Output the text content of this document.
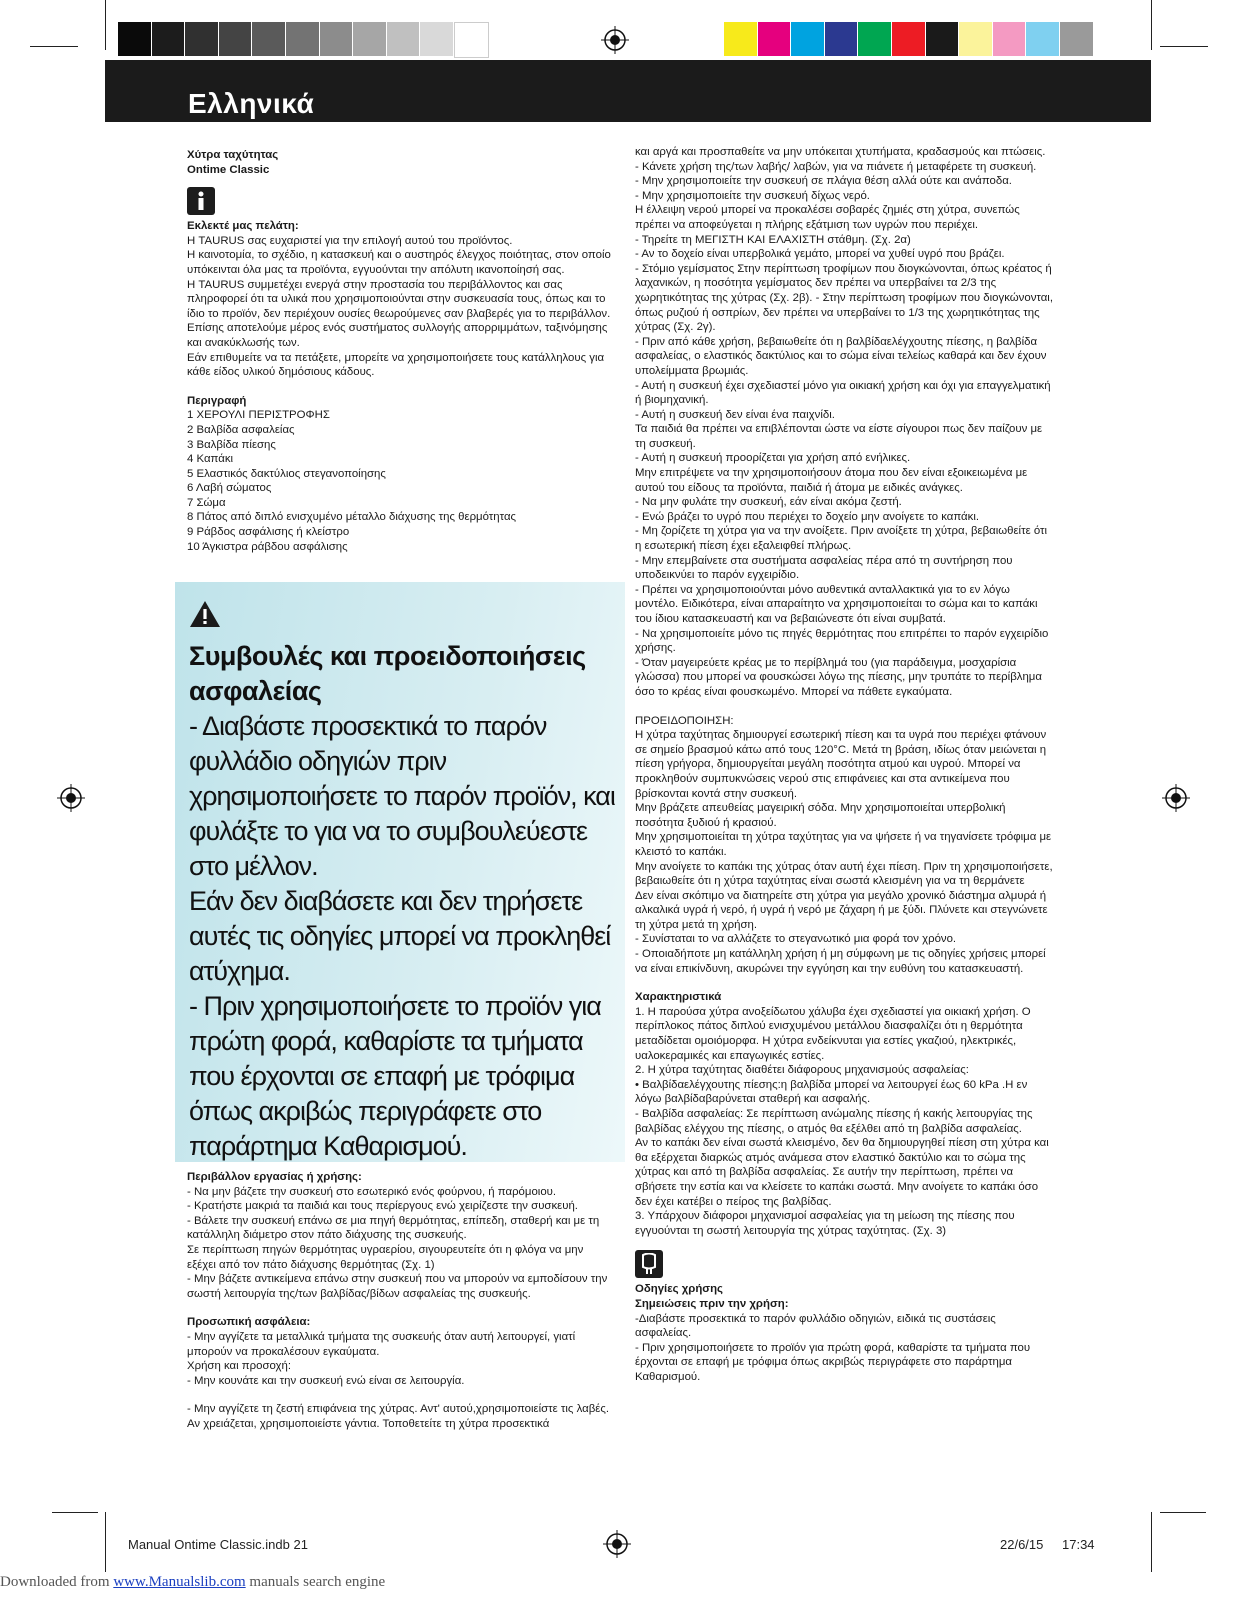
Ελληνικά

Χύτρα ταχύτητας

Ontime Classic

Εκλεκτέ μας πελάτη:

Η TAURUS σας ευχαριστεί για την επιλογή αυτού του προϊόντος.

Η καινοτομία, το σχέδιο, η κατασκευή και ο αυστηρός έλεγχος ποιότητας, στον οποίο υπόκεινται όλα μας τα προϊόντα, εγγυούνται την απόλυτη ικανοποίησή σας.

Η TAURUS συμμετέχει ενεργά στην προστασία του περιβάλλοντος και σας πληροφορεί ότι τα υλικά που χρησιμοποιούνται στην συσκευασία τους, όπως και το ίδιο το προϊόν, δεν περιέχουν ουσίες θεωρούμενες σαν βλαβερές για το περιβάλλον. Επίσης αποτελούμε μέρος ενός συστήματος συλλογής απορριμμάτων, ταξινόμησης και ανακύκλωσής των.

Εάν επιθυμείτε να τα πετάξετε, μπορείτε να χρησιμοποιήσετε τους κατάλληλους για κάθε είδος υλικού δημόσιους κάδους.

Περιγραφή

1 ΧΕΡΟΥΛΙ ΠΕΡΙΣΤΡΟΦΗΣ

2 Βαλβίδα ασφαλείας

3 Βαλβίδα πίεσης

4 Καπάκι

5 Ελαστικός δακτύλιος στεγανοποίησης

6 Λαβή σώματος

7 Σώμα

8 Πάτος από διπλό ενισχυμένο μέταλλο διάχυσης της θερμότητας

9 Ράβδος ασφάλισης ή κλείστρο

10 Άγκιστρα ράβδου ασφάλισης

Συμβουλές και προειδοποιήσεις ασφαλείας
- Διαβάστε προσεκτικά το παρόν φυλλάδιο οδηγιών πριν χρησιμοποιήσετε το παρόν προϊόν, και φυλάξτε το για να το συμβουλεύεστε στο μέλλον.
Εάν δεν διαβάσετε και δεν τηρήσετε αυτές τις οδηγίες μπορεί να προκληθεί ατύχημα.
- Πριν χρησιμοποιήσετε το προϊόν για πρώτη φορά, καθαρίστε τα τμήματα που έρχονται σε επαφή με τρόφιμα όπως ακριβώς περιγράφετε στο παράρτημα Καθαρισμού.

Περιβάλλον εργασίας ή χρήσης:

- Να μην βάζετε την συσκευή στο εσωτερικό ενός φούρνου, ή παρόμοιου.

- Κρατήστε μακριά τα παιδιά και τους περίεργους ενώ χειρίζεστε την συσκευή.

- Βάλετε την συσκευή επάνω σε μια πηγή θερμότητας, επίπεδη, σταθερή και με τη κατάλληλη διάμετρο στον πάτο διάχυσης της συσκευής.

Σε περίπτωση πηγών θερμότητας υγραερίου, σιγουρευτείτε ότι η φλόγα να μην εξέχει από τον πάτο διάχυσης θερμότητας (Σχ. 1)

- Μην βάζετε αντικείμενα επάνω στην συσκευή που να μπορούν να εμποδίσουν την σωστή λειτουργία της/των βαλβίδας/βίδων ασφαλείας της συσκευής.

Προσωπική ασφάλεια:

- Μην αγγίζετε τα μεταλλικά τμήματα της συσκευής όταν αυτή λειτουργεί, γιατί μπορούν να προκαλέσουν εγκαύματα.

Χρήση και προσοχή:

- Μην κουνάτε και την συσκευή ενώ είναι σε λειτουργία.

- Μην αγγίζετε τη ζεστή επιφάνεια της χύτρας. Αντ' αυτού,χρησιμοποιείστε τις λαβές. Αν χρειάζεται, χρησιμοποιείστε γάντια. Τοποθετείτε τη χύτρα προσεκτικά

και αργά και προσπαθείτε να μην υπόκειται χτυπήματα, κραδασμούς και πτώσεις.

- Κάνετε χρήση της/των λαβής/ λαβών, για να πιάνετε ή μεταφέρετε τη συσκευή.

- Μην χρησιμοποιείτε την συσκευή σε πλάγια θέση αλλά ούτε και ανάποδα.

- Μην χρησιμοποιείτε την συσκευή δίχως νερό.

Η έλλειψη νερού μπορεί να προκαλέσει σοβαρές ζημιές στη χύτρα, συνεπώς πρέπει να αποφεύγεται η πλήρης εξάτμιση των υγρών που περιέχει.

- Τηρείτε τη ΜΕΓΙΣΤΗ ΚΑΙ ΕΛΑΧΙΣΤΗ στάθμη. (Σχ. 2α)

- Αν το δοχείο είναι υπερβολικά γεμάτο, μπορεί να χυθεί υγρό που βράζει.

- Στόμιο γεμίσματος Στην περίπτωση τροφίμων που διογκώνονται, όπως κρέατος ή λαχανικών, η ποσότητα γεμίσματος δεν πρέπει να υπερβαίνει τα 2/3 της χωρητικότητας της χύτρας (Σχ. 2β). - Στην περίπτωση τροφίμων που διογκώνονται, όπως ρυζιού ή οσπρίων, δεν πρέπει να υπερβαίνει το 1/3 της χωρητικότητας της χύτρας (Σχ. 2γ).

- Πριν από κάθε χρήση, βεβαιωθείτε ότι η βαλβίδαελέγχουτης πίεσης, η βαλβίδα ασφαλείας, ο ελαστικός δακτύλιος και το σώμα είναι τελείως καθαρά και δεν έχουν υπολείμματα βρωμιάς.

- Αυτή η συσκευή έχει σχεδιαστεί μόνο για οικιακή χρήση και όχι για επαγγελματική ή βιομηχανική.

- Αυτή η συσκευή δεν είναι ένα παιχνίδι.

Τα παιδιά θα πρέπει να επιβλέπονται ώστε να είστε σίγουροι πως δεν παίζουν με τη συσκευή.

- Αυτή η συσκευή προορίζεται για χρήση από ενήλικες.

Μην επιτρέψετε να την χρησιμοποιήσουν άτομα που δεν είναι εξοικειωμένα με αυτού του είδους τα προϊόντα, παιδιά ή άτομα με ειδικές ανάγκες.

- Να μην φυλάτε την συσκευή, εάν είναι ακόμα ζεστή.

- Ενώ βράζει το υγρό που περιέχει το δοχείο μην ανοίγετε το καπάκι.

- Μη ζορίζετε τη χύτρα για να την ανοίξετε. Πριν ανοίξετε τη χύτρα, βεβαιωθείτε ότι η εσωτερική πίεση έχει εξαλειφθεί πλήρως.

- Μην επεμβαίνετε στα συστήματα ασφαλείας πέρα από τη συντήρηση που υποδεικνύει το παρόν εγχειρίδιο.

- Πρέπει να χρησιμοποιούνται μόνο αυθεντικά ανταλλακτικά για το εν λόγω μοντέλο. Ειδικότερα, είναι απαραίτητο να χρησιμοποιείται το σώμα και το καπάκι του ίδιου κατασκευαστή και να βεβαιώνεστε ότι είναι συμβατά.

- Να χρησιμοποιείτε μόνο τις πηγές θερμότητας που επιτρέπει το παρόν εγχειρίδιο χρήσης.

- Όταν μαγειρεύετε κρέας με το περίβλημά του (για παράδειγμα, μοσχαρίσια γλώσσα) που μπορεί να φουσκώσει λόγω της πίεσης, μην τρυπάτε το περίβλημα όσο το κρέας είναι φουσκωμένο. Μπορεί να πάθετε εγκαύματα.

ΠΡΟΕΙΔΟΠΟΙΗΣΗ:

Η χύτρα ταχύτητας δημιουργεί εσωτερική πίεση και τα υγρά που περιέχει φτάνουν σε σημείο βρασμού κάτω από τους 120°C. Μετά τη βράση, ιδίως όταν μειώνεται η πίεση γρήγορα, δημιουργείται μεγάλη ποσότητα ατμού και υγρού. Μπορεί να προκληθούν συμπυκνώσεις νερού στις επιφάνειες και στα αντικείμενα που βρίσκονται κοντά στην συσκευή.

Μην βράζετε απευθείας μαγειρική σόδα. Μην χρησιμοποιείται υπερβολική ποσότητα ξυδιού ή κρασιού.

Μην χρησιμοποιείται τη χύτρα ταχύτητας για να ψήσετε ή να τηγανίσετε τρόφιμα με κλειστό το καπάκι.

Μην ανοίγετε το καπάκι της χύτρας όταν αυτή έχει πίεση. Πριν τη χρησιμοποιήσετε, βεβαιωθείτε ότι η χύτρα ταχύτητας είναι σωστά κλεισμένη για να τη θερμάνετε

Δεν είναι σκόπιμο να διατηρείτε στη χύτρα για μεγάλο χρονικό διάστημα αλμυρά ή αλκαλικά υγρά ή νερό, ή υγρά ή νερό με ζάχαρη ή με ξύδι. Πλύνετε και στεγνώνετε τη χύτρα μετά τη χρήση.

- Συνίσταται το να αλλάζετε το στεγανωτικό μια φορά τον χρόνο.

- Οποιαδήποτε μη κατάλληλη χρήση ή μη σύμφωνη με τις οδηγίες χρήσεις μπορεί να είναι επικίνδυνη, ακυρώνει την εγγύηση και την ευθύνη του κατασκευαστή.

Χαρακτηριστικά

1. Η παρούσα χύτρα ανοξείδωτου χάλυβα έχει σχεδιαστεί για οικιακή χρήση. Ο περίπλοκος πάτος διπλού ενισχυμένου μετάλλου διασφαλίζει ότι η θερμότητα μεταδίδεται ομοιόμορφα. Η χύτρα ενδείκνυται για εστίες γκαζιού, ηλεκτρικές, υαλοκεραμικές και επαγωγικές εστίες.

2. Η χύτρα ταχύτητας διαθέτει διάφορους μηχανισμούς ασφαλείας:

• Βαλβίδαελέγχουτης πίεσης:η βαλβίδα μπορεί να λειτουργεί έως 60 kPa .Η εν λόγω βαλβίδαβαρύνεται σταθερή και ασφαλής.

- Βαλβίδα ασφαλείας: Σε περίπτωση ανώμαλης πίεσης ή κακής λειτουργίας της βαλβίδας ελέγχου της πίεσης, ο ατμός θα εξέλθει από τη βαλβίδα ασφαλείας.

Αν το καπάκι δεν είναι σωστά κλεισμένο, δεν θα δημιουργηθεί πίεση στη χύτρα και θα εξέρχεται διαρκώς ατμός ανάμεσα στον ελαστικό δακτύλιο και το σώμα της χύτρας και από τη βαλβίδα ασφαλείας. Σε αυτήν την περίπτωση, πρέπει να σβήσετε την εστία και να κλείσετε το καπάκι σωστά. Μην ανοίγετε το καπάκι όσο δεν έχει κατέβει ο πείρος της βαλβίδας.

3. Υπάρχουν διάφοροι μηχανισμοί ασφαλείας για τη μείωση της πίεσης που εγγυούνται τη σωστή λειτουργία της χύτρας ταχύτητας. (Σχ. 3)

Οδηγίες χρήσης

Σημειώσεις πριν την χρήση:

-Διαβάστε προσεκτικά το παρόν φυλλάδιο οδηγιών, ειδικά τις συστάσεις ασφαλείας.

- Πριν χρησιμοποιήσετε το προϊόν για πρώτη φορά, καθαρίστε τα τμήματα που έρχονται σε επαφή με τρόφιμα όπως ακριβώς περιγράφετε στο παράρτημα Καθαρισμού.

Manual Ontime Classic.indb 21	22/6/15 17:34
Downloaded from www.Manualslib.com manuals search engine
